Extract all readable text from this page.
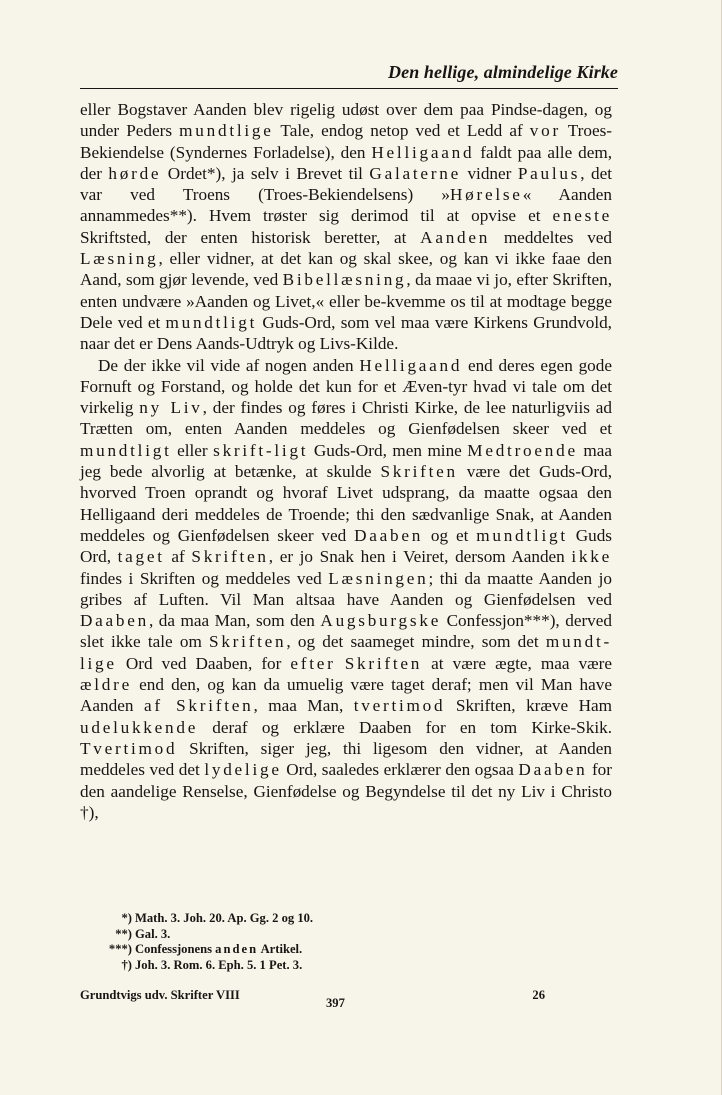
Den hellige, almindelige Kirke

eller Bogstaver Aanden blev rigelig udøst over dem paa Pindse-dagen, og under Peders mundtlige Tale, endog netop ved et Ledd af vor Troes-Bekiendelse (Syndernes Forladelse), den Helligaand faldt paa alle dem, der hørde Ordet*), ja selv i Brevet til Galaterne vidner Paulus, det var ved Troens (Troes-Bekiendelsens) »Hørelse« Aanden annammedes**). Hvem trøster sig derimod til at opvise et eneste Skriftsted, der enten historisk beretter, at Aanden meddeltes ved Læsning, eller vidner, at det kan og skal skee, og kan vi ikke faae den Aand, som gjør levende, ved Bibellæsning, da maae vi jo, efter Skriften, enten undvære »Aanden og Livet,« eller be-kvemme os til at modtage begge Dele ved et mundtligt Guds-Ord, som vel maa være Kirkens Grundvold, naar det er Dens Aands-Udtryk og Livs-Kilde.

De der ikke vil vide af nogen anden Helligaand end deres egen gode Fornuft og Forstand, og holde det kun for et Æven-tyr hvad vi tale om det virkelig ny Liv, der findes og føres i Christi Kirke, de lee naturligviis ad Trætten om, enten Aanden meddeles og Gienfødelsen skeer ved et mundtligt eller skrift-ligt Guds-Ord, men mine Medtroende maa jeg bede alvorlig at betænke, at skulde Skriften være det Guds-Ord, hvorved Troen oprandt og hvoraf Livet udsprang, da maatte ogsaa den Helligaand deri meddeles de Troende; thi den sædvanlige Snak, at Aanden meddeles og Gienfødelsen skeer ved Daaben og et mundtligt Guds Ord, taget af Skriften, er jo Snak hen i Veiret, dersom Aanden ikke findes i Skriften og meddeles ved Læsningen; thi da maatte Aanden jo gribes af Luften. Vil Man altsaa have Aanden og Gienfødelsen ved Daaben, da maa Man, som den Augsburgske Confessjon***), derved slet ikke tale om Skriften, og det saameget mindre, som det mundt-lige Ord ved Daaben, for efter Skriften at være ægte, maa være ældre end den, og kan da umuelig være taget deraf; men vil Man have Aanden af Skriften, maa Man, tvertimod Skriften, kræve Ham udelukkende deraf og erklære Daaben for en tom Kirke-Skik. Tvertimod Skriften, siger jeg, thi ligesom den vidner, at Aanden meddeles ved det lydelige Ord, saaledes erklærer den ogsaa Daaben for den aandelige Renselse, Gienfødelse og Begyndelse til det ny Liv i Christo †),

*) Math. 3. Joh. 20. Ap. Gg. 2 og 10.
**) Gal. 3.
***) Confessjonens anden Artikel.
†) Joh. 3. Rom. 6. Eph. 5. 1 Pet. 3.
Grundtvigs udv. Skrifter VIII
397
26
